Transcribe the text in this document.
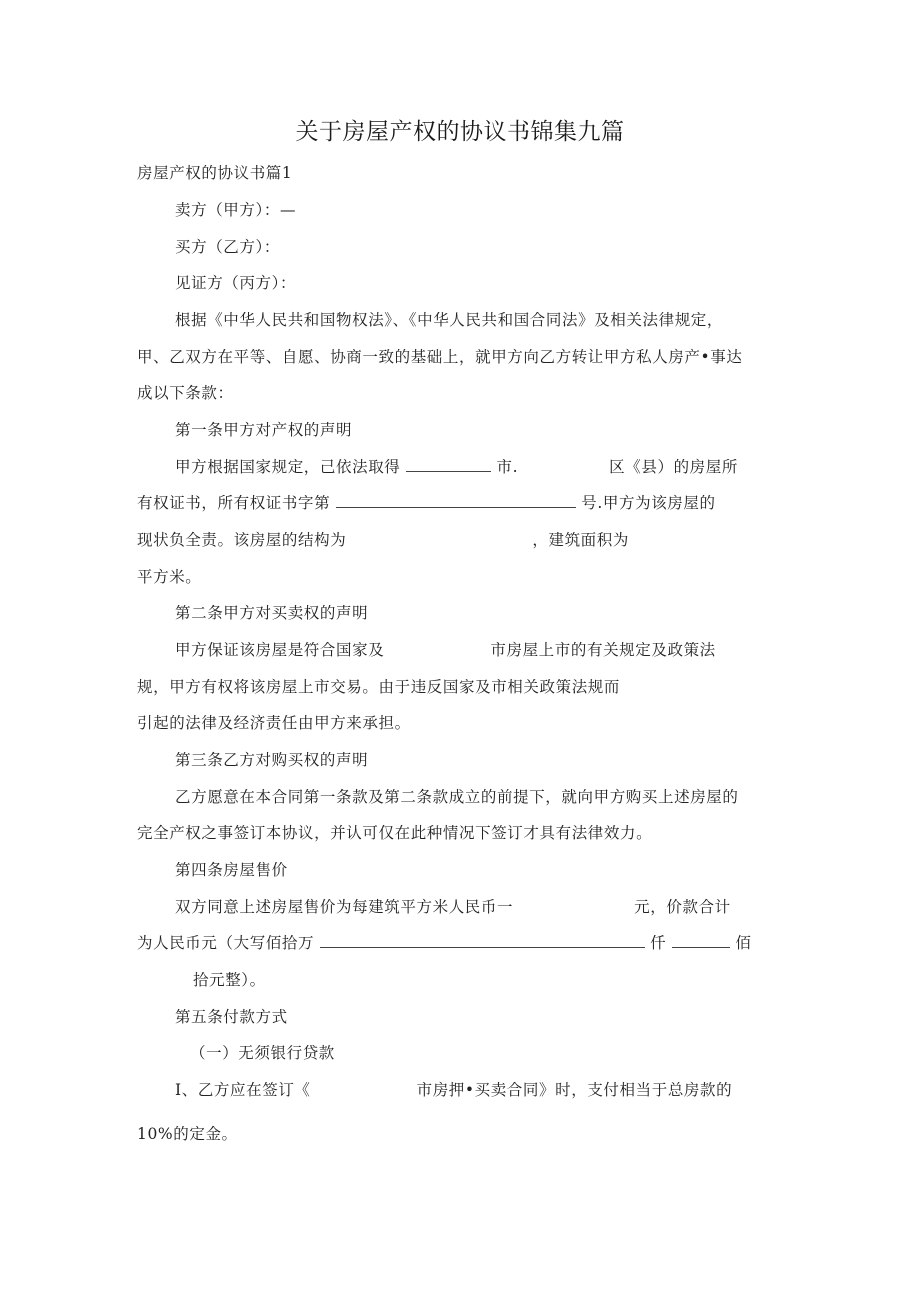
关于房屋产权的协议书锦集九篇
房屋产权的协议书篇1
卖方（甲方）：—
买方（乙方）：
见证方（丙方）：
根据《中华人民共和国物权法》、《中华人民共和国合同法》及相关法律规定，
甲、乙双方在平等、自愿、协商一致的基础上，就甲方向乙方转让甲方私人房产•事达
成以下条款：
第一条甲方对产权的声明
甲方根据国家规定，己依法取得	市.	区《县）的房屋所
有权证书，所有权证书字第	号.甲方为该房屋的
现状负全责。该房屋的结构为	，建筑面积为
平方米。
第二条甲方对买卖权的声明
甲方保证该房屋是符合国家及	市房屋上市的有关规定及政策法
规，甲方有权将该房屋上市交易。由于违反国家及市相关政策法规而
引起的法律及经济责任由甲方来承担。
第三条乙方对购买权的声明
乙方愿意在本合同第一条款及第二条款成立的前提下，就向甲方购买上述房屋的
完全产权之事签订本协议，并认可仅在此种情况下签订才具有法律效力。
第四条房屋售价
双方同意上述房屋售价为每建筑平方米人民币一	元，价款合计
为人民币元（大写佰拾万	仟	佰
拾元整）。
第五条付款方式
（一）无须银行贷款
I、乙方应在签订《	市房押•买卖合同》时，支付相当于总房款的
10%的定金。
